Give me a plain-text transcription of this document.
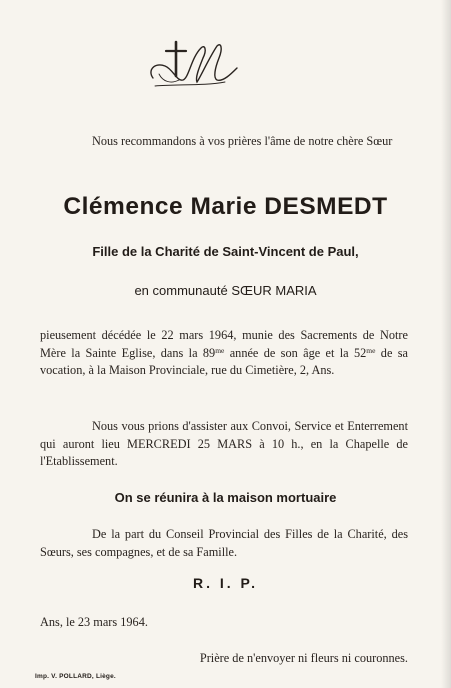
Nous recommandons à vos prières l'âme de notre chère Sœur
Clémence Marie DESMEDT
Fille de la Charité de Saint-Vincent de Paul,
en communauté SŒUR MARIA
pieusement décédée le 22 mars 1964, munie des Sacrements de Notre Mère la Sainte Eglise, dans la $89^{me}$ année de son âge et la $52^{me}$ de sa vocation, à la Maison Provinciale, rue du Cimetière, 2, Ans.
Nous vous prions d'assister aux Convoi, Service et Enterrement qui auront lieu MERCREDI 25 MARS à 10 h., en la Chapelle de l'Etablissement.
On se réunira à la maison mortuaire
De la part du Conseil Provincial des Filles de la Charité, des Sœurs, ses compagnes, et de sa Famille.
R. I. P.
Ans, le 23 mars 1964.
Prière de n'envoyer ni fleurs ni couronnes.
Imp. V. POLLARD, Liège.
